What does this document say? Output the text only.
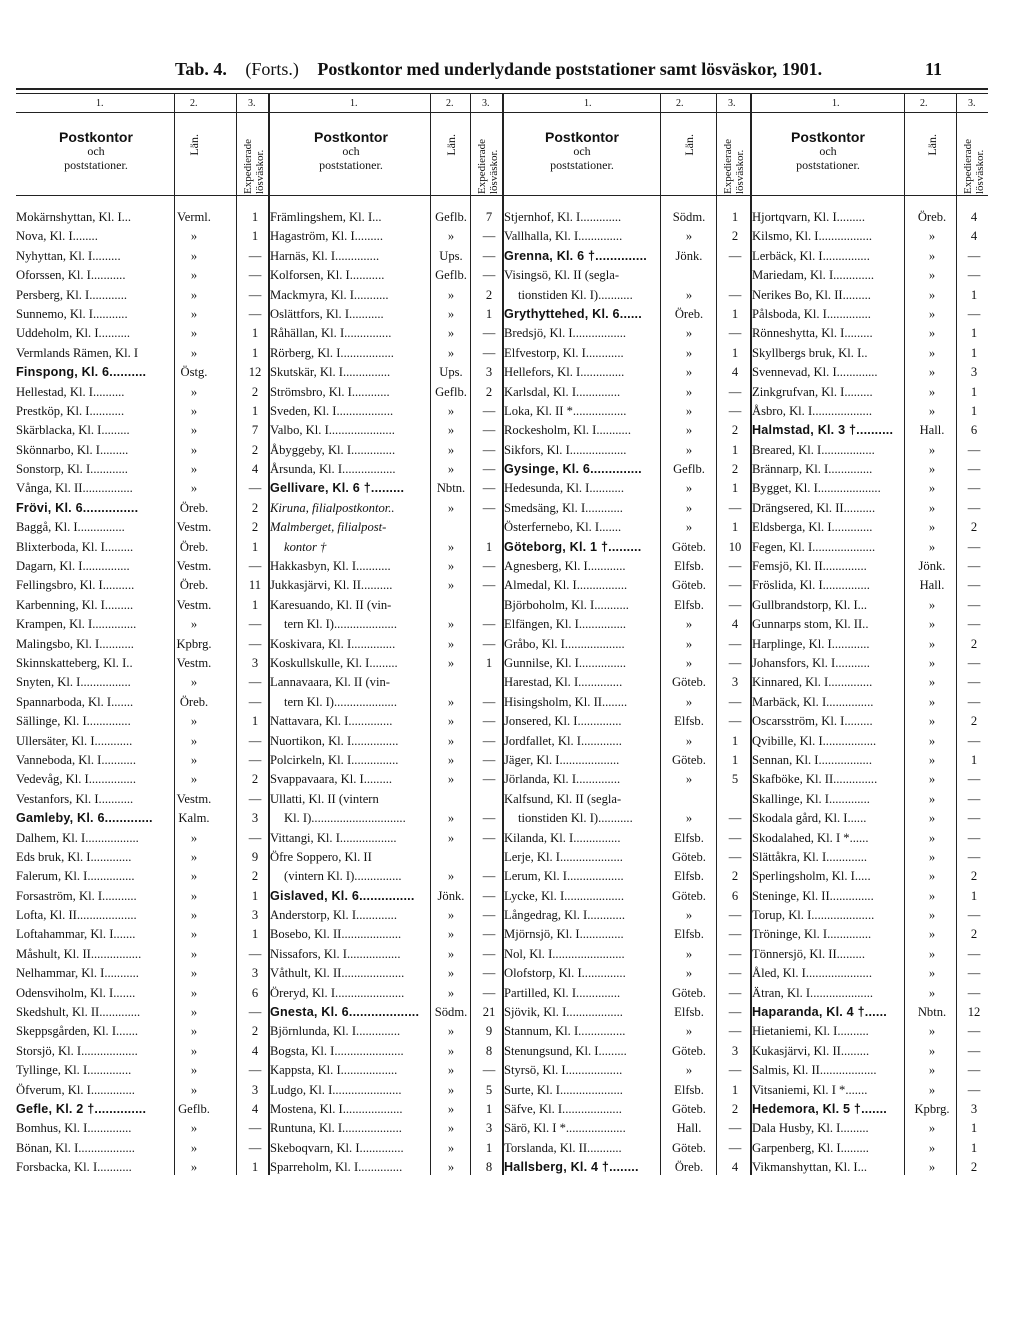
Tab. 4. (Forts.) Postkontor med underlydande poststationer samt lösväskor, 1901.	11
1.	2.	3.
Postkontor
och
poststationer.
Län.	Expedierade lösväskor.
Mokärnshyttan, Kl. I...	Verml.	1
Nova, Kl. I........	»	1
Nyhyttan, Kl. I.........	»	—
Oforssen, Kl. I...........	»	—
Persberg, Kl. I............	»	—
Sunnemo, Kl. I...........	»	—
Uddeholm, Kl. I..........	»	1
Vermlands Rämen, Kl. I	»	1
Finspong, Kl. 6..........	Östg.	12
Hellestad, Kl. I..........	»	2
Prestköp, Kl. I...........	»	1
Skärblacka, Kl. I.........	»	7
Skönnarbo, Kl. I.........	»	2
Sonstorp, Kl. I............	»	4
Vånga, Kl. II................	»	—
Frövi, Kl. 6...............	Öreb.	2
Baggå, Kl. I...............	Vestm.	2
Blixterboda, Kl. I.........	Öreb.	1
Dagarn, Kl. I...............	Vestm.	—
Fellingsbro, Kl. I..........	Öreb.	11
Karbenning, Kl. I.........	Vestm.	1
Krampen, Kl. I..............	»	—
Malingsbo, Kl. I...........	Kpbrg.	—
Skinnskatteberg, Kl. I..	Vestm.	3
Snyten, Kl. I................	»	—
Spannarboda, Kl. I.......	Öreb.	—
Sällinge, Kl. I..............	»	1
Ullersäter, Kl. I............	»	—
Vanneboda, Kl. I...........	»	—
Vedevåg, Kl. I...............	»	2
Vestanfors, Kl. I...........	Vestm.	—
Gamleby, Kl. 6.............	Kalm.	3
Dalhem, Kl. I.................	»	—
Eds bruk, Kl. I.............	»	9
Falerum, Kl. I...............	»	2
Forsaström, Kl. I...........	»	1
Lofta, Kl. II...................	»	3
Loftahammar, Kl. I.......	»	1
Måshult, Kl. II................	»	—
Nelhammar, Kl. I...........	»	3
Odensviholm, Kl. I.......	»	6
Skedshult, Kl. II.............	»	—
Skeppsgården, Kl. I.......	»	2
Storsjö, Kl. I..................	»	4
Tyllinge, Kl. I..............	»	—
Öfverum, Kl. I..............	»	3
Gefle, Kl. 2 †..............	Geflb.	4
Bomhus, Kl. I..............	»	—
Bönan, Kl. I..................	»	—
Forsbacka, Kl. I...........	»	1
1.	2.	3.
Postkontor
och
poststationer.
Län. Expedierade lösväskor.
Främlingshem, Kl. I...	Geflb.	7
Hagaström, Kl. I.........	»	—
Harnäs, Kl. I..............	Ups.	—
Kolforsen, Kl. I...........	Geflb.	—
Mackmyra, Kl. I...........	»	2
Oslättfors, Kl. I...........	»	1
Råhällan, Kl. I...............	»	—
Rörberg, Kl. I.................	»	—
Skutskär, Kl. I...............	Ups.	3
Strömsbro, Kl. I............	Geflb.	2
Sveden, Kl. I..................	»	—
Valbo, Kl. I.....................	»	—
Åbyggeby, Kl. I..............	»	—
Årsunda, Kl. I.................	»	—
Gellivare, Kl. 6 †.........	Nbtn.	—
Kiruna, filialpostkontor..	»	—
Malmberget, filialpost-
kontor †	»	1
Hakkasbyn, Kl. I...........	»	—
Jukkasjärvi, Kl. II..........	»	—
Karesuando, Kl. II (vin-
tern Kl. I)....................	»	—
Koskivara, Kl. I..............	»	—
Koskullskulle, Kl. I.........	»	1
Lannavaara, Kl. II (vin-
tern Kl. I)....................	»	—
Nattavara, Kl. I..............	»	—
Nuortikon, Kl. I...............	»	—
Polcirkeln, Kl. I...............	»	—
Svappavaara, Kl. I.........	»	—
Ullatti, Kl. II (vintern
Kl. I)..............................	»	—
Vittangi, Kl. I..................	»	—
Öfre Soppero, Kl. II
(vintern Kl. I)...............	»	—
Gislaved, Kl. 6...............	Jönk.	—
Anderstorp, Kl. I.............	»	—
Bosebo, Kl. II...................	»	—
Nissafors, Kl. I.................	»	—
Våthult, Kl. II....................	»	—
Öreryd, Kl. I......................	»	—
Gnesta, Kl. 6...................	Södm.	21
Björnlunda, Kl. I..............	»	9
Bogsta, Kl. I......................	»	8
Kappsta, Kl. I..................	»	—
Ludgo, Kl. I......................	»	5
Mostena, Kl. I...................	»	1
Runtuna, Kl. I...................	»	3
Skeboqvarn, Kl. I..............	»	1
Sparreholm, Kl. I..............	»	8
1.	2.	3.
Postkontor
och
poststationer.
Län. Expedierade lösväskor.
Stjernhof, Kl. I.............	Södm.	1
Vallhalla, Kl. I..............	»	2
Grenna, Kl. 6 †..............	Jönk.	—
Visingsö, Kl. II (segla-
tionstiden Kl. I)...........	»	—
Grythyttehed, Kl. 6......	Öreb.	1
Bredsjö, Kl. I.................	»	—
Elfvestorp, Kl. I............	»	1
Hellefors, Kl. I..............	»	4
Karlsdal, Kl. I..............	»	—
Loka, Kl. II *.................	»	—
Rockesholm, Kl. I...........	»	2
Sikfors, Kl. I..................	»	1
Gysinge, Kl. 6..............	Geflb.	2
Hedesunda, Kl. I...........	»	1
Smedsäng, Kl. I............	»	—
Österfernebo, Kl. I.......	»	1
Göteborg, Kl. 1 †.........	Göteb.	10
Agnesberg, Kl. I............	Elfsb.	—
Almedal, Kl. I................	Göteb.	—
Björboholm, Kl. I...........	Elfsb.	—
Elfängen, Kl. I...............	»	4
Gråbo, Kl. I...................	»	—
Gunnilse, Kl. I...............	»	—
Harestad, Kl. I..............	Göteb.	3
Hisingsholm, Kl. II........	»	—
Jonsered, Kl. I..............	Elfsb.	—
Jordfallet, Kl. I.............	»	1
Jäger, Kl. I...................	Göteb.	1
Jörlanda, Kl. I..............	»	5
Kalfsund, Kl. II (segla-
tionstiden Kl. I)...........	»	—
Kilanda, Kl. I...............	Elfsb.	—
Lerje, Kl. I....................	Göteb.	—
Lerum, Kl. I..................	Elfsb.	2
Lycke, Kl. I...................	Göteb.	6
Långedrag, Kl. I............	»	—
Mjörnsjö, Kl. I..............	Elfsb.	—
Nol, Kl. I.......................	»	—
Olofstorp, Kl. I..............	»	—
Partilled, Kl. I..............	Göteb.	—
Sjövik, Kl. I..................	Elfsb.	—
Stannum, Kl. I...............	»	—
Stenungsund, Kl. I.........	Göteb.	3
Styrsö, Kl. I..................	»	—
Surte, Kl. I....................	Elfsb.	1
Säfve, Kl. I...................	Göteb.	2
Särö, Kl. I *...................	Hall.	—
Torslanda, Kl. II...........	Göteb.	—
Hallsberg, Kl. 4 †........	Öreb.	4
1.	2.	3.
Postkontor
och
poststationer.
Län. Expedierade lösväskor.
Hjortqvarn, Kl. I.........	Öreb.	4
Kilsmo, Kl. I.................	»	4
Lerbäck, Kl. I...............	»	—
Mariedam, Kl. I.............	»	—
Nerikes Bo, Kl. II.........	»	1
Pålsboda, Kl. I..............	»	—
Rönneshytta, Kl. I.........	»	1
Skyllbergs bruk, Kl. I..	»	1
Svennevad, Kl. I.............	»	3
Zinkgrufvan, Kl. I.........	»	1
Åsbro, Kl. I...................	»	1
Halmstad, Kl. 3 †..........	Hall.	6
Breared, Kl. I.................	»	—
Brännarp, Kl. I..............	»	—
Bygget, Kl. I....................	»	—
Drängsered, Kl. II..........	»	—
Eldsberga, Kl. I.............	»	2
Fegen, Kl. I....................	»	—
Femsjö, Kl. II..............	Jönk.	—
Fröslida, Kl. I...............	Hall.	—
Gullbrandstorp, Kl. I...	»	—
Gunnarps stom, Kl. II..	»	—
Harplinge, Kl. I............	»	2
Johansfors, Kl. I...........	»	—
Kinnared, Kl. I..............	»	—
Marbäck, Kl. I...............	»	—
Oscarsström, Kl. I.........	»	2
Qvibille, Kl. I.................	»	—
Sennan, Kl. I.................	»	1
Skafböke, Kl. II..............	»	—
Skallinge, Kl. I.............	»	—
Skodala gård, Kl. I......	»	—
Skodalahed, Kl. I *......	»	—
Slättåkra, Kl. I.............	»	—
Sperlingsholm, Kl. I.....	»	2
Steninge, Kl. II..............	»	1
Torup, Kl. I....................	»	—
Tröninge, Kl. I..............	»	2
Tönnersjö, Kl. II.........	»	—
Åled, Kl. I.....................	»	—
Ätran, Kl. I....................	»	—
Haparanda, Kl. 4 †......	Nbtn.	12
Hietaniemi, Kl. I..........	»	—
Kukasjärvi, Kl. II.........	»	—
Salmis, Kl. II..................	»	—
Vitsaniemi, Kl. I *.......	»	—
Hedemora, Kl. 5 †.......	Kpbrg.	3
Dala Husby, Kl. I.........	»	1
Garpenberg, Kl. I.........	»	1
Vikmanshyttan, Kl. I...	»	2
